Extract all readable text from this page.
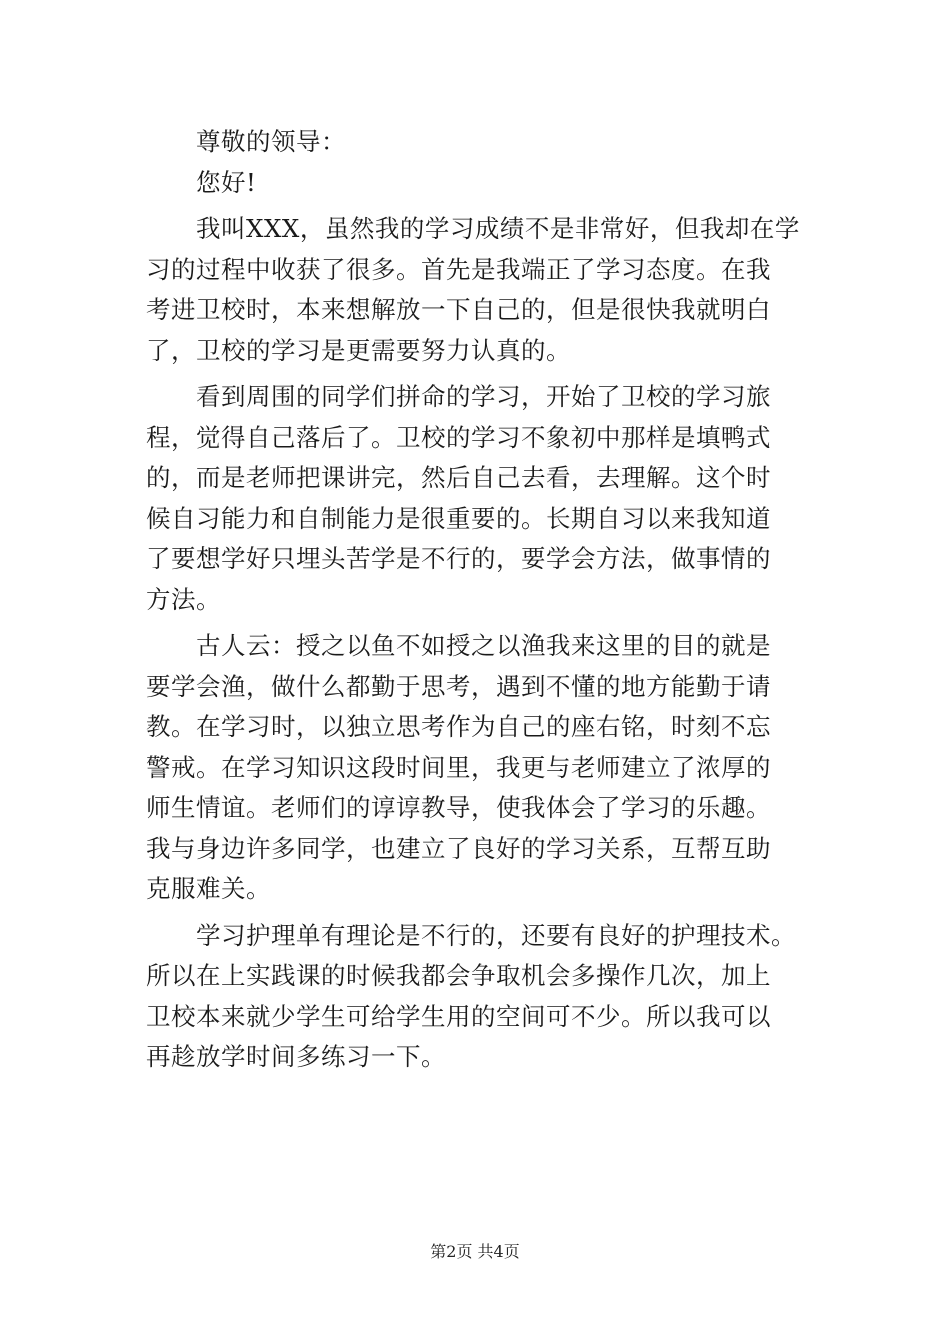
尊敬的领导：

您好!

我叫XXX，虽然我的学习成绩不是非常好，但我却在学

习的过程中收获了很多。首先是我端正了学习态度。在我

考进卫校时，本来想解放一下自己的，但是很快我就明白

了，卫校的学习是更需要努力认真的。

看到周围的同学们拼命的学习，开始了卫校的学习旅

程，觉得自己落后了。卫校的学习不象初中那样是填鸭式

的，而是老师把课讲完，然后自己去看，去理解。这个时

候自习能力和自制能力是很重要的。长期自习以来我知道

了要想学好只埋头苦学是不行的，要学会方法，做事情的

方法。

古人云：授之以鱼不如授之以渔我来这里的目的就是

要学会渔，做什么都勤于思考，遇到不懂的地方能勤于请

教。在学习时，以独立思考作为自己的座右铭，时刻不忘

警戒。在学习知识这段时间里，我更与老师建立了浓厚的

师生情谊。老师们的谆谆教导，使我体会了学习的乐趣。

我与身边许多同学，也建立了良好的学习关系，互帮互助

克服难关。

学习护理单有理论是不行的，还要有良好的护理技术。

所以在上实践课的时候我都会争取机会多操作几次，加上

卫校本来就少学生可给学生用的空间可不少。所以我可以

再趁放学时间多练习一下。

第2页 共4页
